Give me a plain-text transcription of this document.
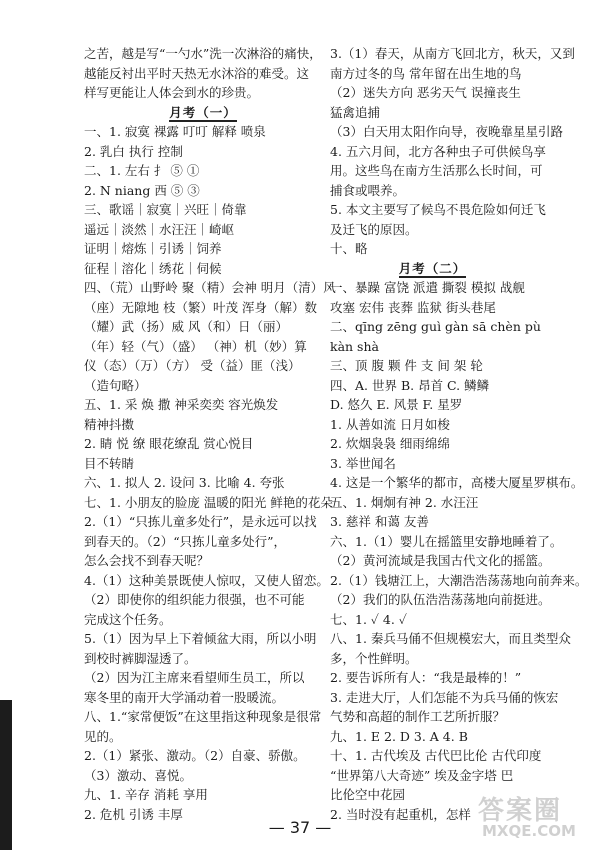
之苦，越是写“一勺水”洗一次淋浴的痛快，
越能反衬出平时天热无水沐浴的难受。这
样写更能让人体会到水的珍贵。
月考（一）
一、1. 寂寞 裸露 叮叮 解释 喷泉
2. 乳白 执行 控制
二、1. 左右 扌 ⑤ ①
2. N niang 西 ⑤ ③
三、歌谣｜寂寞｜兴旺｜倚靠
遥远｜淡然｜水汪汪｜崎岖
证明｜熔炼｜引诱｜饲养
征程｜溶化｜绣花｜伺候
四、（荒）山野岭 聚（精）会神 明月（清）风
（座）无隙地 枝（繁）叶茂 浑身（解）数
（耀）武（扬）威 风（和）日（丽）
（年）轻（气）（盛） （神）机（妙）算
仪（态）（万）（方） 受（益）匪（浅）
（造句略）
五、1. 采 焕 撒 神采奕奕 容光焕发
精神抖擞
2. 睛 悦 缭 眼花缭乱 赏心悦目
目不转睛
六、1. 拟人 2. 设问 3. 比喻 4. 夸张
七、1. 小朋友的脸庞 温暖的阳光 鲜艳的花朵
2.（1）“只拣儿童多处行”，是永远可以找
到春天的。（2）“只拣儿童多处行”，
怎么会找不到春天呢？
4.（1）这种美景既使人惊叹，又使人留恋。
（2）即使你的组织能力很强，也不可能
完成这个任务。
5.（1）因为早上下着倾盆大雨，所以小明
到校时裤脚湿透了。
（2）因为江主席来看望师生员工，所以
寒冬里的南开大学涌动着一股暖流。
八、1.“家常便饭”在这里指这种现象是很常
见的。
2.（1）紧张、激动。（2）自豪、骄傲。
（3）激动、喜悦。
九、1. 辛存 消耗 享用
2. 危机 引诱 丰厚
3.（1）春天，从南方飞回北方，秋天，又到
南方过冬的鸟 常年留在出生地的鸟
（2）迷失方向 恶劣天气 误撞丧生
猛禽追捕
（3）白天用太阳作向导，夜晚靠星星引路
4. 五六月间，北方各种虫子可供候鸟享
用。这些鸟在南方生活那么长时间，可
捕食或喂养。
5. 本文主要写了候鸟不畏危险如何迁飞
及迁飞的原因。
十、略
月考（二）
一、暴躁 富饶 派遣 撕裂 模拟 战舰
攻塞 宏伟 丧葬 监狱 街头巷尾
二、qīng zēng guì gàn sā chèn pù
kàn shà
三、顶 腹 颗 件 支 间 架 轮
四、A. 世界 B. 昂首 C. 鳞鳞
D. 悠久 E. 风景 F. 星罗
1. 从善如流 日月如梭
2. 炊烟袅袅 细雨绵绵
3. 举世闻名
4. 这是一个繁华的都市，高楼大厦星罗棋布。
五、1. 炯炯有神 2. 水汪汪
3. 慈祥 和蔼 友善
六、1.（1）婴儿在摇篮里安静地睡着了。
（2）黄河流域是我国古代文化的摇篮。
2.（1）钱塘江上，大潮浩浩荡荡地向前奔来。
（2）我们的队伍浩浩荡荡地向前挺进。
七、1. ✓ 4. ✓
八、1. 秦兵马俑不但规模宏大，而且类型众
多，个性鲜明。
2. 要告诉所有人：“我是最棒的！”
3. 走进大厅，人们怎能不为兵马俑的恢宏
气势和高超的制作工艺所折服？
九、1. E 2. D 3. A 4. B
十、1. 古代埃及 古代巴比伦 古代印度
“世界第八大奇迹” 埃及金字塔 巴
比伦空中花园
2. 当时没有起重机，怎样
— 37 —
答案圈
MXQE.COM
